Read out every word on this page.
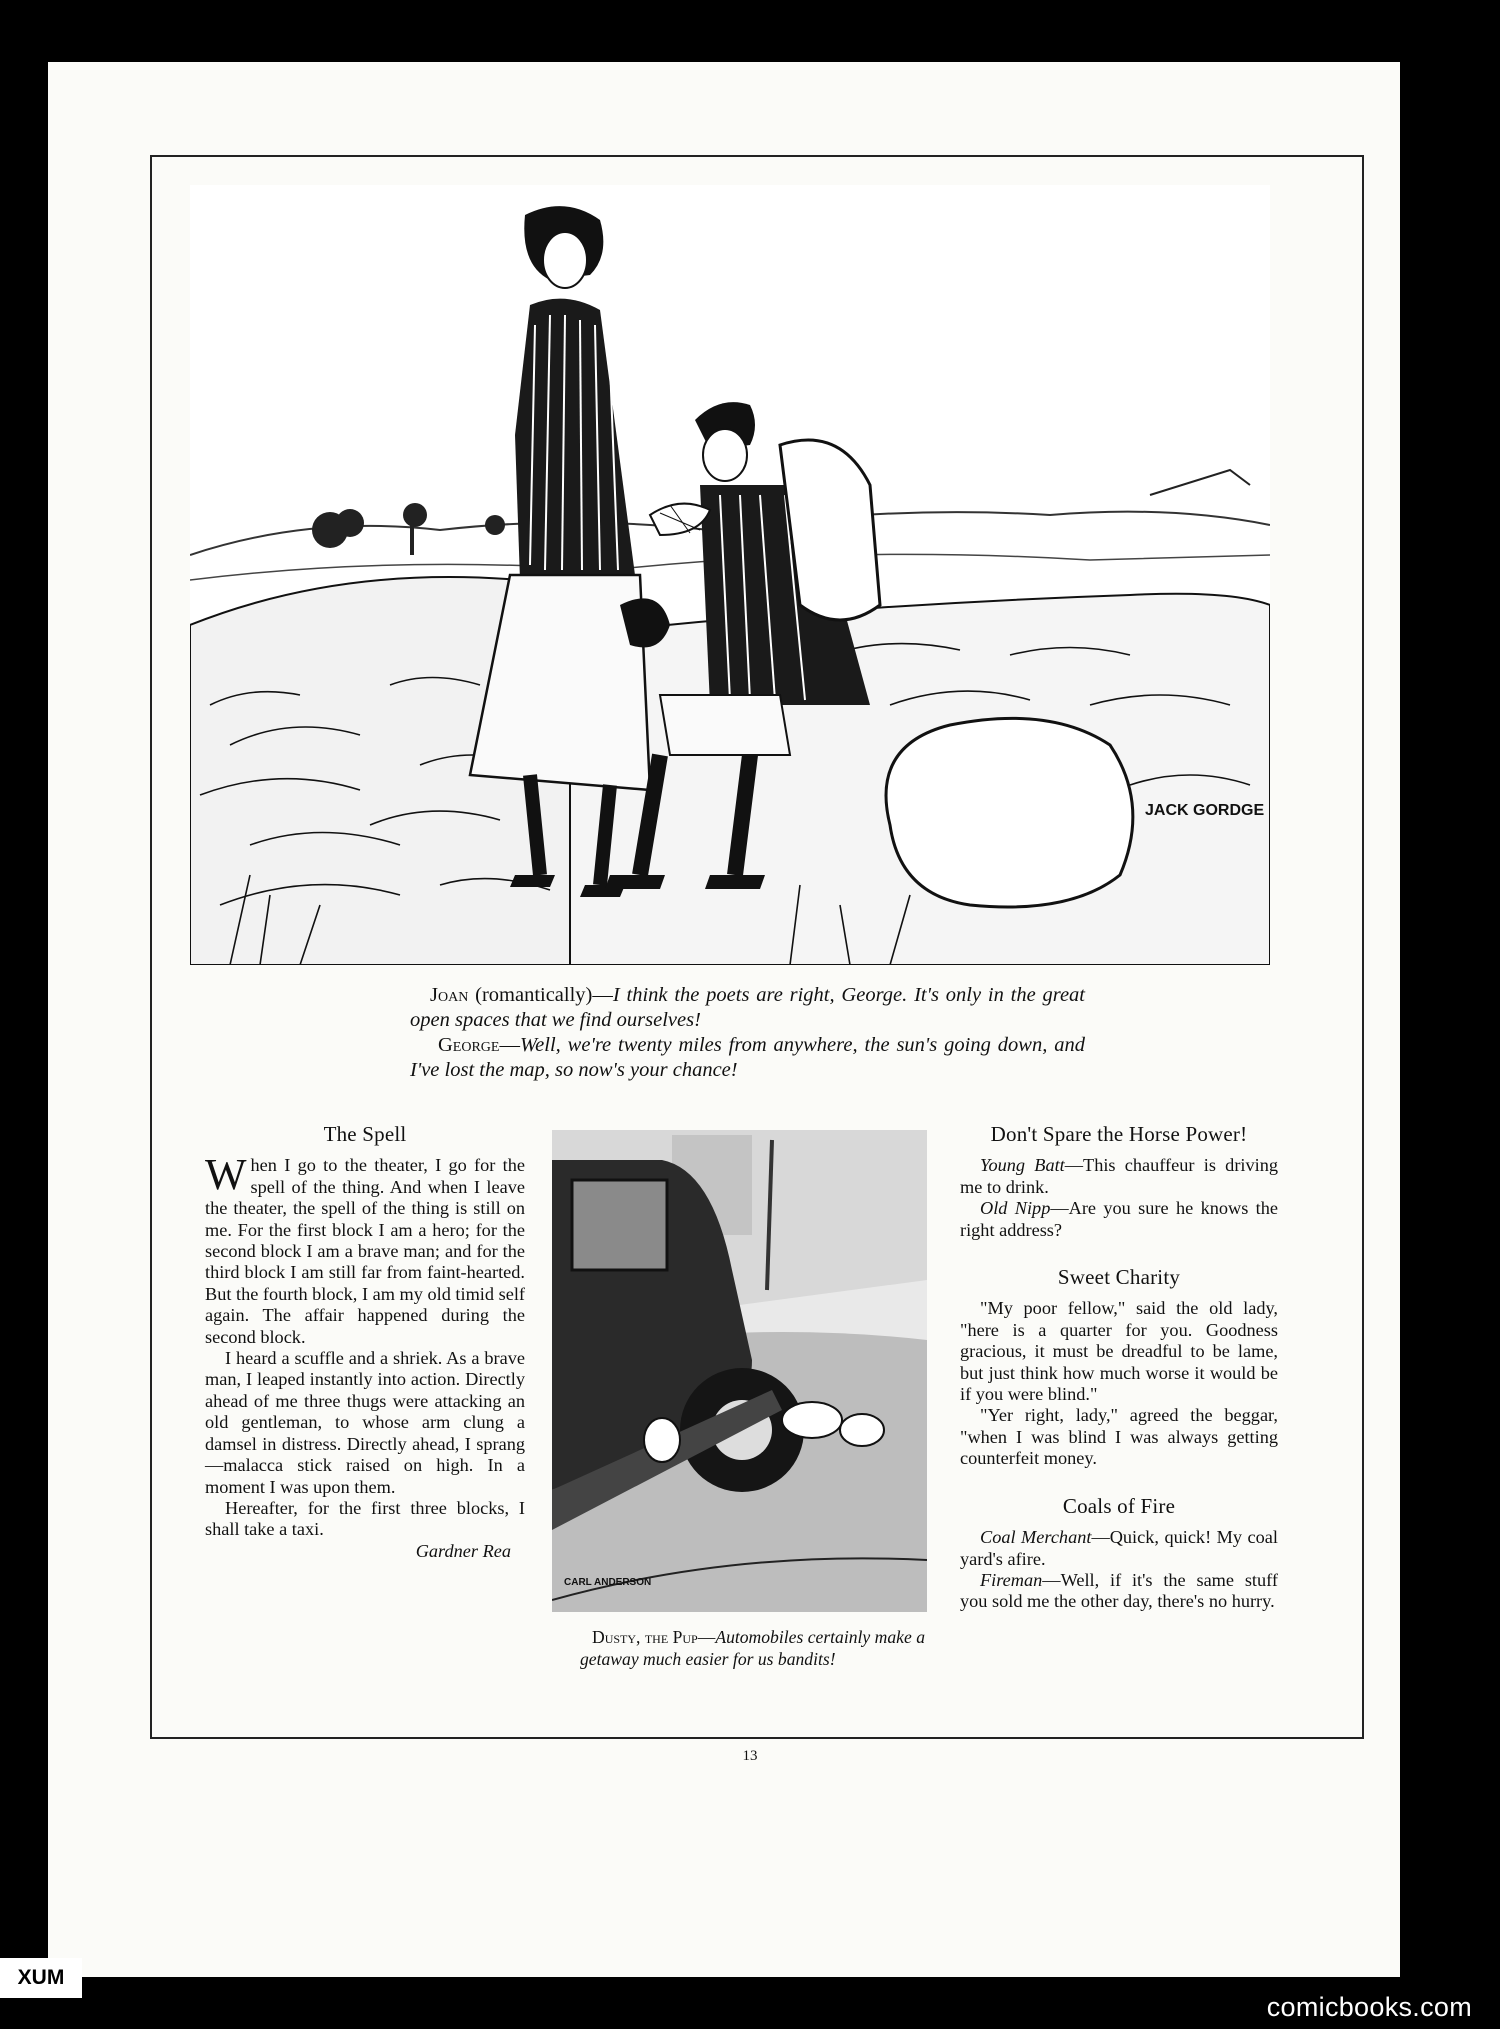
JACK GORDGE

Joan (romantically)—I think the poets are right, George. It's only in the great open spaces that we find ourselves!

George—Well, we're twenty miles from anywhere, the sun's going down, and I've lost the map, so now's your chance!

The Spell

When I go to the theater, I go for the spell of the thing. And when I leave the theater, the spell of the thing is still on me. For the first block I am a hero; for the second block I am a brave man; and for the third block I am still far from faint-hearted. But the fourth block, I am my old timid self again. The affair happened during the second block.

I heard a scuffle and a shriek. As a brave man, I leaped instantly into action. Directly ahead of me three thugs were attacking an old gentleman, to whose arm clung a damsel in distress. Directly ahead, I sprang—malacca stick raised on high. In a moment I was upon them.

Hereafter, for the first three blocks, I shall take a taxi.

Gardner Rea

CARL ANDERSON

Dusty, the Pup—Automobiles certainly make a getaway much easier for us bandits!

Don't Spare the Horse Power!

Young Batt—This chauffeur is driving me to drink.

Old Nipp—Are you sure he knows the right address?

Sweet Charity

"My poor fellow," said the old lady, "here is a quarter for you. Goodness gracious, it must be dreadful to be lame, but just think how much worse it would be if you were blind."

"Yer right, lady," agreed the beggar, "when I was blind I was always getting counterfeit money.

Coals of Fire

Coal Merchant—Quick, quick! My coal yard's afire.

Fireman—Well, if it's the same stuff you sold me the other day, there's no hurry.

13
XUM
comicbooks.com
